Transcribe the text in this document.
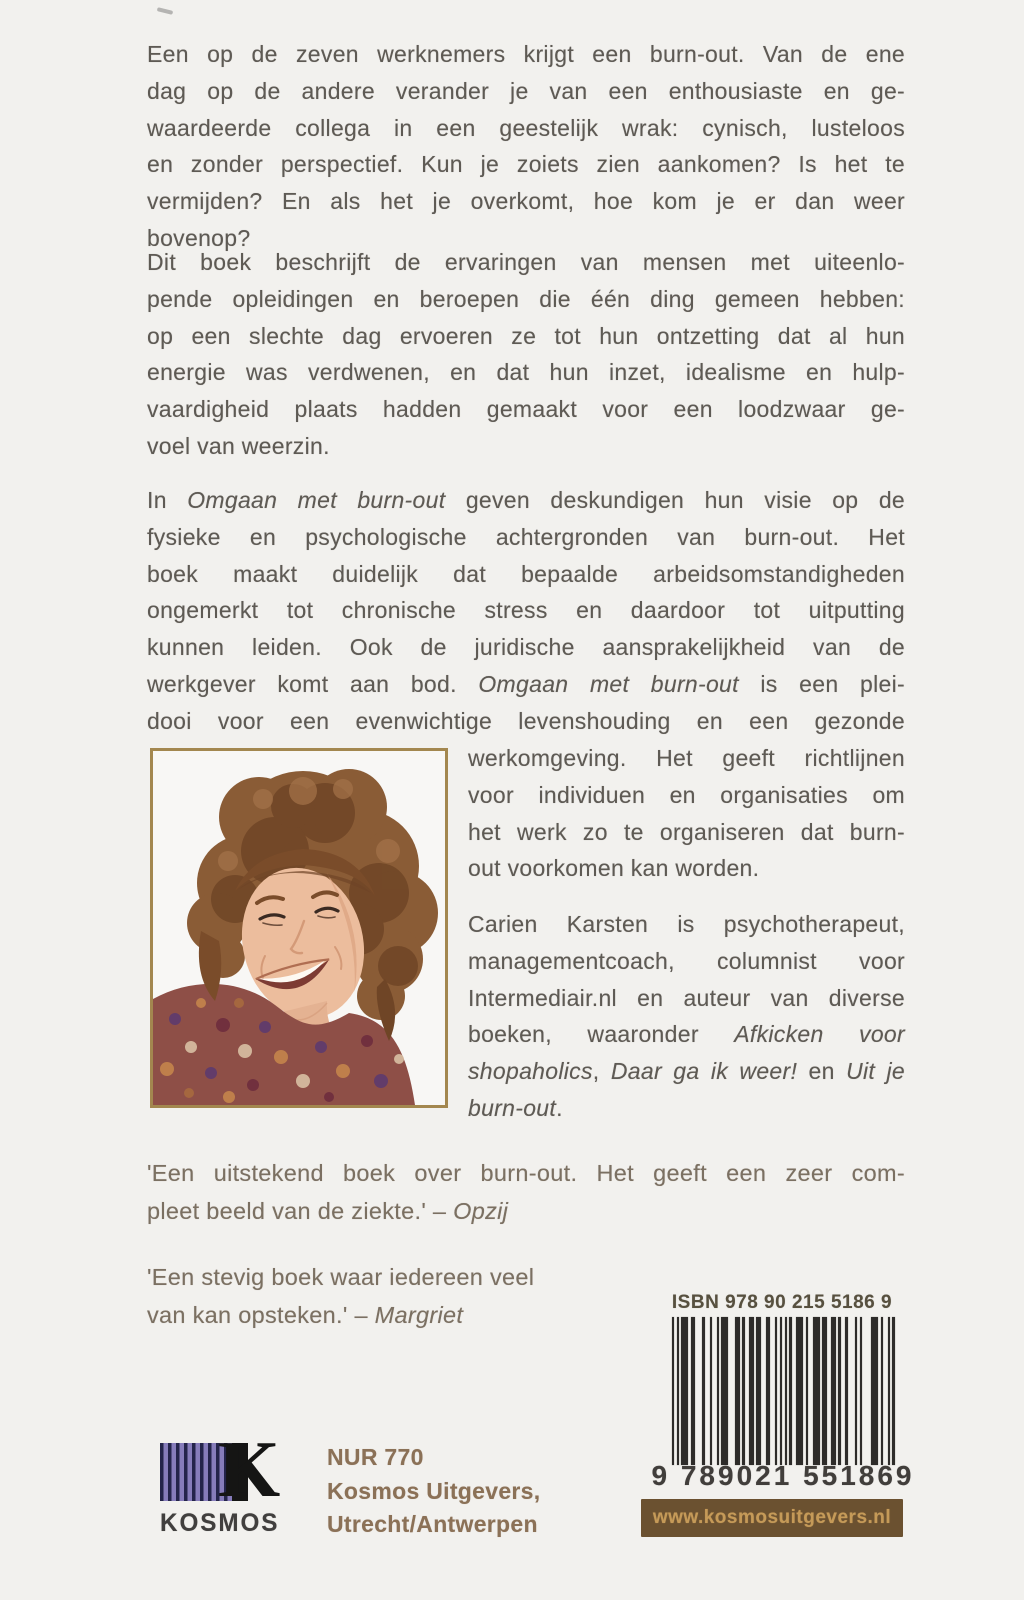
Een op de zeven werknemers krijgt een burn-out. Van de ene
dag op de andere verander je van een enthousiaste en ge-
waardeerde collega in een geestelijk wrak: cynisch, lusteloos
en zonder perspectief. Kun je zoiets zien aankomen? Is het te
vermijden? En als het je overkomt, hoe kom je er dan weer
bovenop?
Dit boek beschrijft de ervaringen van mensen met uiteenlo-
pende opleidingen en beroepen die één ding gemeen hebben:
op een slechte dag ervoeren ze tot hun ontzetting dat al hun
energie was verdwenen, en dat hun inzet, idealisme en hulp-
vaardigheid plaats hadden gemaakt voor een loodzwaar ge-
voel van weerzin.
In Omgaan met burn-out geven deskundigen hun visie op de
fysieke en psychologische achtergronden van burn-out. Het
boek maakt duidelijk dat bepaalde arbeidsomstandigheden
ongemerkt tot chronische stress en daardoor tot uitputting
kunnen leiden. Ook de juridische aansprakelijkheid van de
werkgever komt aan bod. Omgaan met burn-out is een plei-
dooi voor een evenwichtige levenshouding en een gezonde
werkomgeving. Het geeft richtlijnen
voor individuen en organisaties om
het werk zo te organiseren dat burn-
out voorkomen kan worden.
Carien Karsten is psychotherapeut,
managementcoach, columnist voor
Intermediair.nl en auteur van diverse
boeken, waaronder Afkicken voor
shopaholics, Daar ga ik weer! en Uit je
burn-out.
'Een uitstekend boek over burn-out. Het geeft een zeer com-
pleet beeld van de ziekte.' – Opzij
'Een stevig boek waar iedereen veel
van kan opsteken.' – Margriet	ISBN 978 90 215 5186 9
9 789021 551869
www.kosmosuitgevers.nl
K
KOSMOS
NUR 770
Kosmos Uitgevers,
Utrecht/Antwerpen
